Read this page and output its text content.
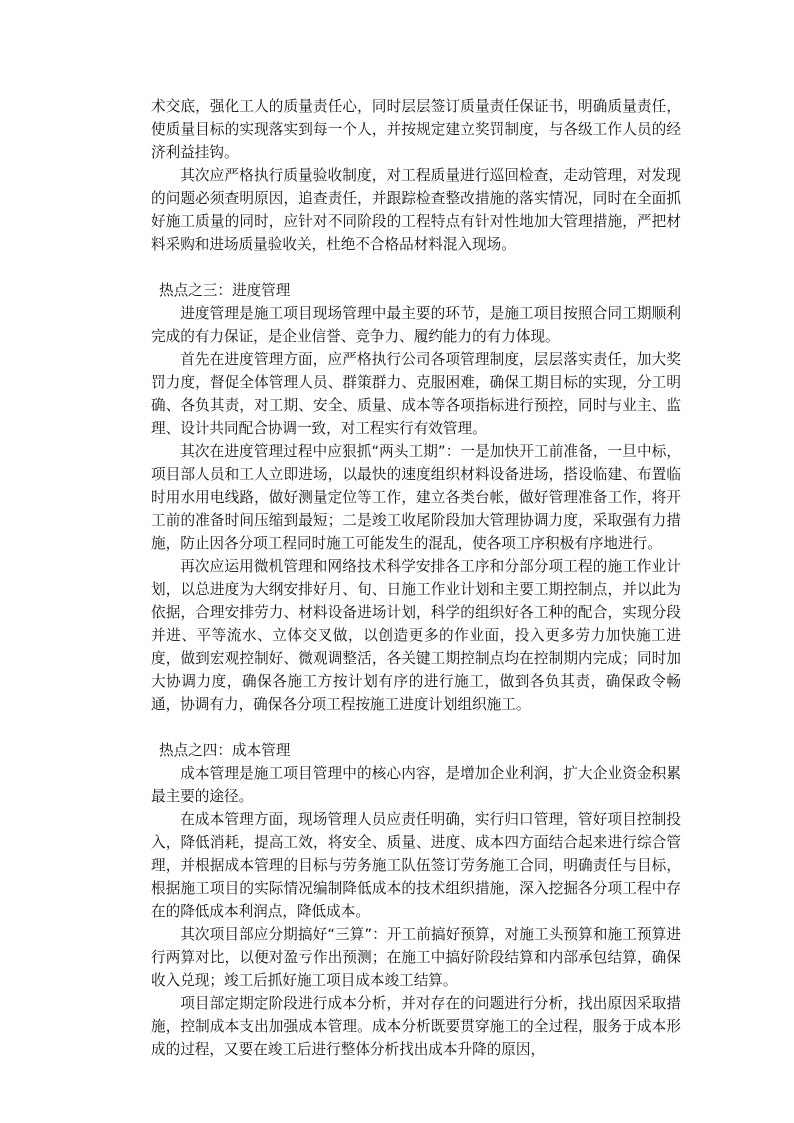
术交底，强化工人的质量责任心，同时层层签订质量责任保证书，明确质量责任，使质量目标的实现落实到每一个人，并按规定建立奖罚制度，与各级工作人员的经济利益挂钩。

其次应严格执行质量验收制度，对工程质量进行巡回检查，走动管理，对发现的问题必须查明原因，追查责任，并跟踪检查整改措施的落实情况，同时在全面抓好施工质量的同时，应针对不同阶段的工程特点有针对性地加大管理措施，严把材料采购和进场质量验收关，杜绝不合格品材料混入现场。

热点之三：进度管理

进度管理是施工项目现场管理中最主要的环节，是施工项目按照合同工期顺利完成的有力保证，是企业信誉、竞争力、履约能力的有力体现。

首先在进度管理方面，应严格执行公司各项管理制度，层层落实责任，加大奖罚力度，督促全体管理人员、群策群力、克服困难，确保工期目标的实现，分工明确、各负其责，对工期、安全、质量、成本等各项指标进行预控，同时与业主、监理、设计共同配合协调一致，对工程实行有效管理。

其次在进度管理过程中应狠抓“两头工期”：一是加快开工前准备，一旦中标，项目部人员和工人立即进场，以最快的速度组织材料设备进场，搭设临建、布置临时用水用电线路，做好测量定位等工作，建立各类台帐，做好管理准备工作，将开工前的准备时间压缩到最短；二是竣工收尾阶段加大管理协调力度，采取强有力措施，防止因各分项工程同时施工可能发生的混乱，使各项工序积极有序地进行。

再次应运用微机管理和网络技术科学安排各工序和分部分项工程的施工作业计划，以总进度为大纲安排好月、旬、日施工作业计划和主要工期控制点，并以此为依据，合理安排劳力、材料设备进场计划，科学的组织好各工种的配合，实现分段并进、平等流水、立体交叉做，以创造更多的作业面，投入更多劳力加快施工进度，做到宏观控制好、微观调整活，各关键工期控制点均在控制期内完成；同时加大协调力度，确保各施工方按计划有序的进行施工，做到各负其责，确保政令畅通，协调有力，确保各分项工程按施工进度计划组织施工。

热点之四：成本管理

成本管理是施工项目管理中的核心内容，是增加企业利润，扩大企业资金积累最主要的途径。

在成本管理方面，现场管理人员应责任明确，实行归口管理，管好项目控制投入，降低消耗，提高工效，将安全、质量、进度、成本四方面结合起来进行综合管理，并根据成本管理的目标与劳务施工队伍签订劳务施工合同，明确责任与目标，根据施工项目的实际情况编制降低成本的技术组织措施，深入挖掘各分项工程中存在的降低成本利润点，降低成本。

其次项目部应分期搞好“三算”：开工前搞好预算，对施工头预算和施工预算进行两算对比，以便对盈亏作出预测；在施工中搞好阶段结算和内部承包结算，确保收入兑现；竣工后抓好施工项目成本竣工结算。

项目部定期定阶段进行成本分析，并对存在的问题进行分析，找出原因采取措施，控制成本支出加强成本管理。成本分析既要贯穿施工的全过程，服务于成本形成的过程，又要在竣工后进行整体分析找出成本升降的原因，
